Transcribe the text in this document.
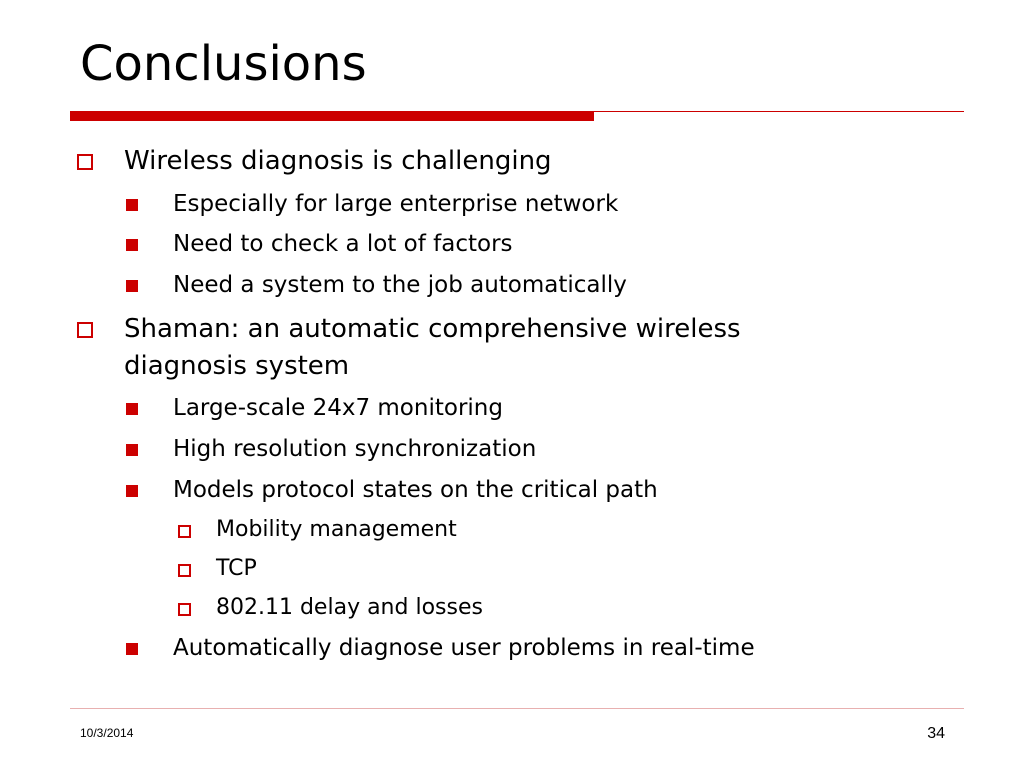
Conclusions
Wireless diagnosis is challenging
Especially for large enterprise network
Need to check a lot of factors
Need a system to the job automatically
Shaman: an automatic comprehensive wireless
diagnosis system
Large-scale 24x7 monitoring
High resolution synchronization
Models protocol states on the critical path
Mobility management
TCP
802.11 delay and losses
Automatically diagnose user problems in real-time
10/3/2014	34
